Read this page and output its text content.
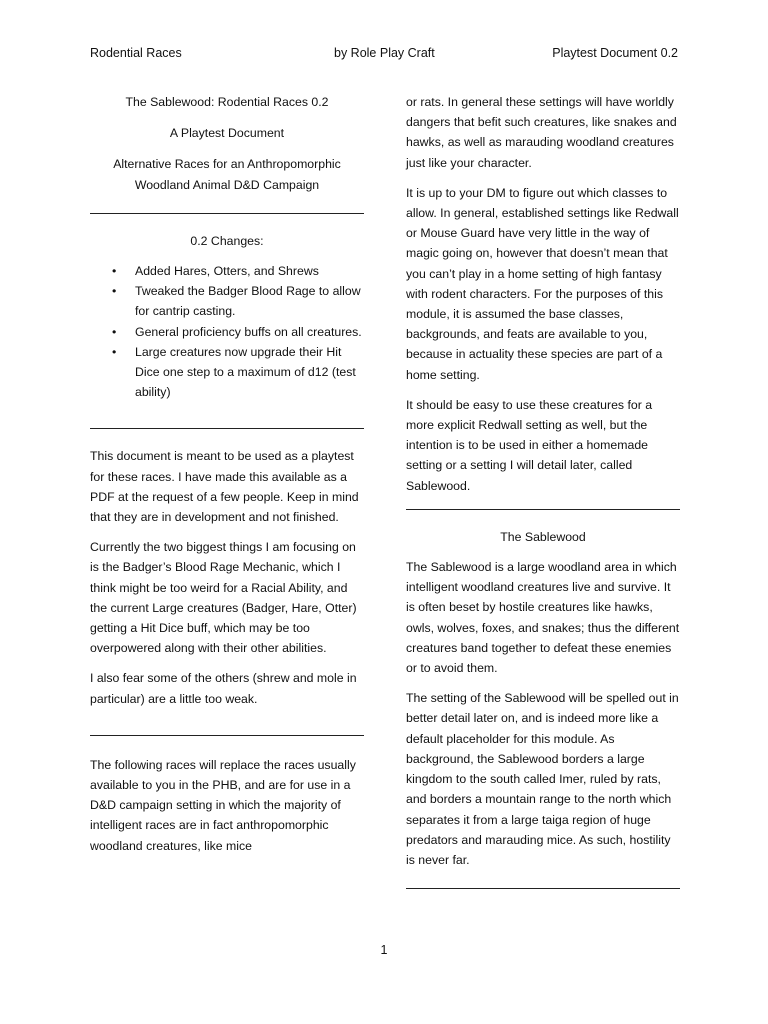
Rodential Races	by Role Play Craft	Playtest Document 0.2

The Sablewood: Rodential Races 0.2

A Playtest Document

Alternative Races for an Anthropomorphic
Woodland Animal D&D Campaign

0.2 Changes:

• Added Hares, Otters, and Shrews
• Tweaked the Badger Blood Rage to allow for cantrip casting.
• General proficiency buffs on all creatures.
• Large creatures now upgrade their Hit Dice one step to a maximum of d12 (test ability)

This document is meant to be used as a playtest for these races. I have made this available as a PDF at the request of a few people. Keep in mind that they are in development and not finished.

Currently the two biggest things I am focusing on is the Badger’s Blood Rage Mechanic, which I think might be too weird for a Racial Ability, and the current Large creatures (Badger, Hare, Otter) getting a Hit Dice buff, which may be too overpowered along with their other abilities.

I also fear some of the others (shrew and mole in particular) are a little too weak.

The following races will replace the races usually available to you in the PHB, and are for use in a D&D campaign setting in which the majority of intelligent races are in fact anthropomorphic woodland creatures, like mice

or rats. In general these settings will have worldly dangers that befit such creatures, like snakes and hawks, as well as marauding woodland creatures just like your character.

It is up to your DM to figure out which classes to allow. In general, established settings like Redwall or Mouse Guard have very little in the way of magic going on, however that doesn’t mean that you can’t play in a home setting of high fantasy with rodent characters. For the purposes of this module, it is assumed the base classes, backgrounds, and feats are available to you, because in actuality these species are part of a home setting.

It should be easy to use these creatures for a more explicit Redwall setting as well, but the intention is to be used in either a homemade setting or a setting I will detail later, called Sablewood.

The Sablewood

The Sablewood is a large woodland area in which intelligent woodland creatures live and survive. It is often beset by hostile creatures like hawks, owls, wolves, foxes, and snakes; thus the different creatures band together to defeat these enemies or to avoid them.

The setting of the Sablewood will be spelled out in better detail later on, and is indeed more like a default placeholder for this module. As background, the Sablewood borders a large kingdom to the south called Imer, ruled by rats, and borders a mountain range to the north which separates it from a large taiga region of huge predators and marauding mice. As such, hostility is never far.

1
